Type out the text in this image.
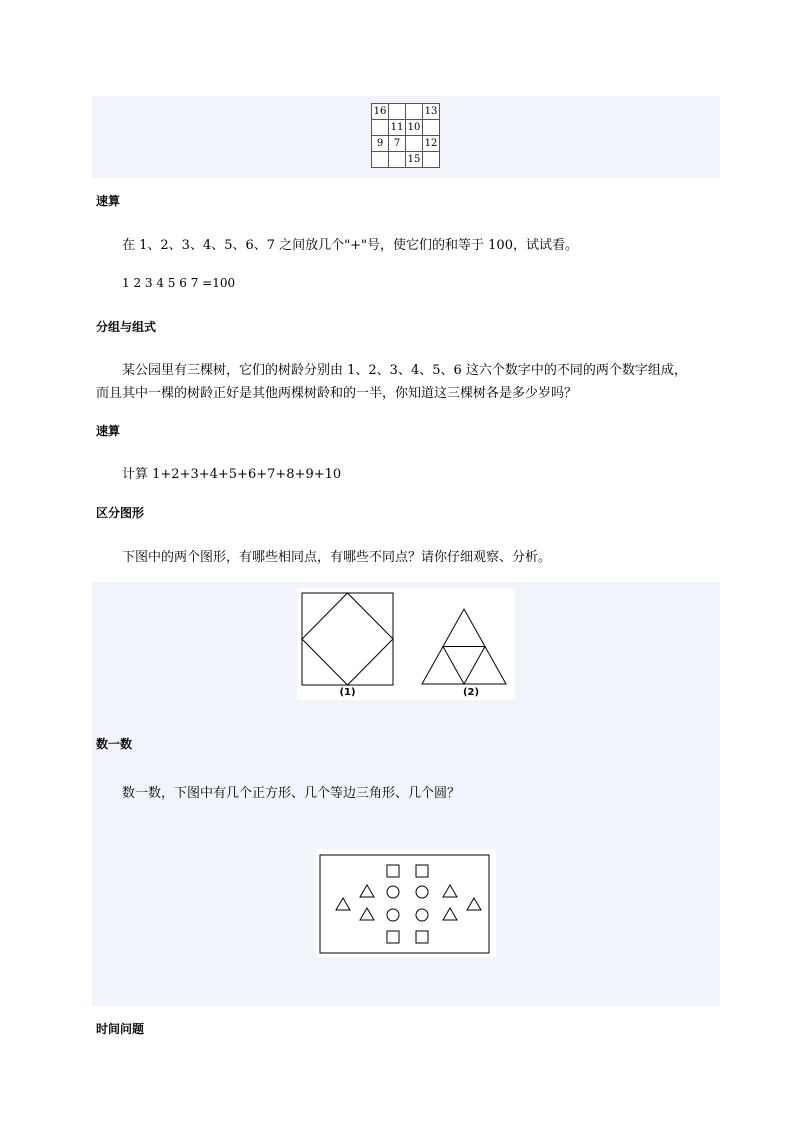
16			13
	11	10	
9	7		12
		15	
速算
在 1、2、3、4、5、6、7 之间放几个"+"号，使它们的和等于 100，试试看。
1 2 3 4 5 6 7 =100
分组与组式
某公园里有三棵树，它们的树龄分别由 1、2、3、4、5、6 这六个数字中的不同的两个数字组成，
而且其中一棵的树龄正好是其他两棵树龄和的一半，你知道这三棵树各是多少岁吗？
速算
计算 1+2+3+4+5+6+7+8+9+10
区分图形
下图中的两个图形，有哪些相同点，有哪些不同点？请你仔细观察、分析。
(1)	(2)
数一数
数一数，下图中有几个正方形、几个等边三角形、几个圆？
时间问题
